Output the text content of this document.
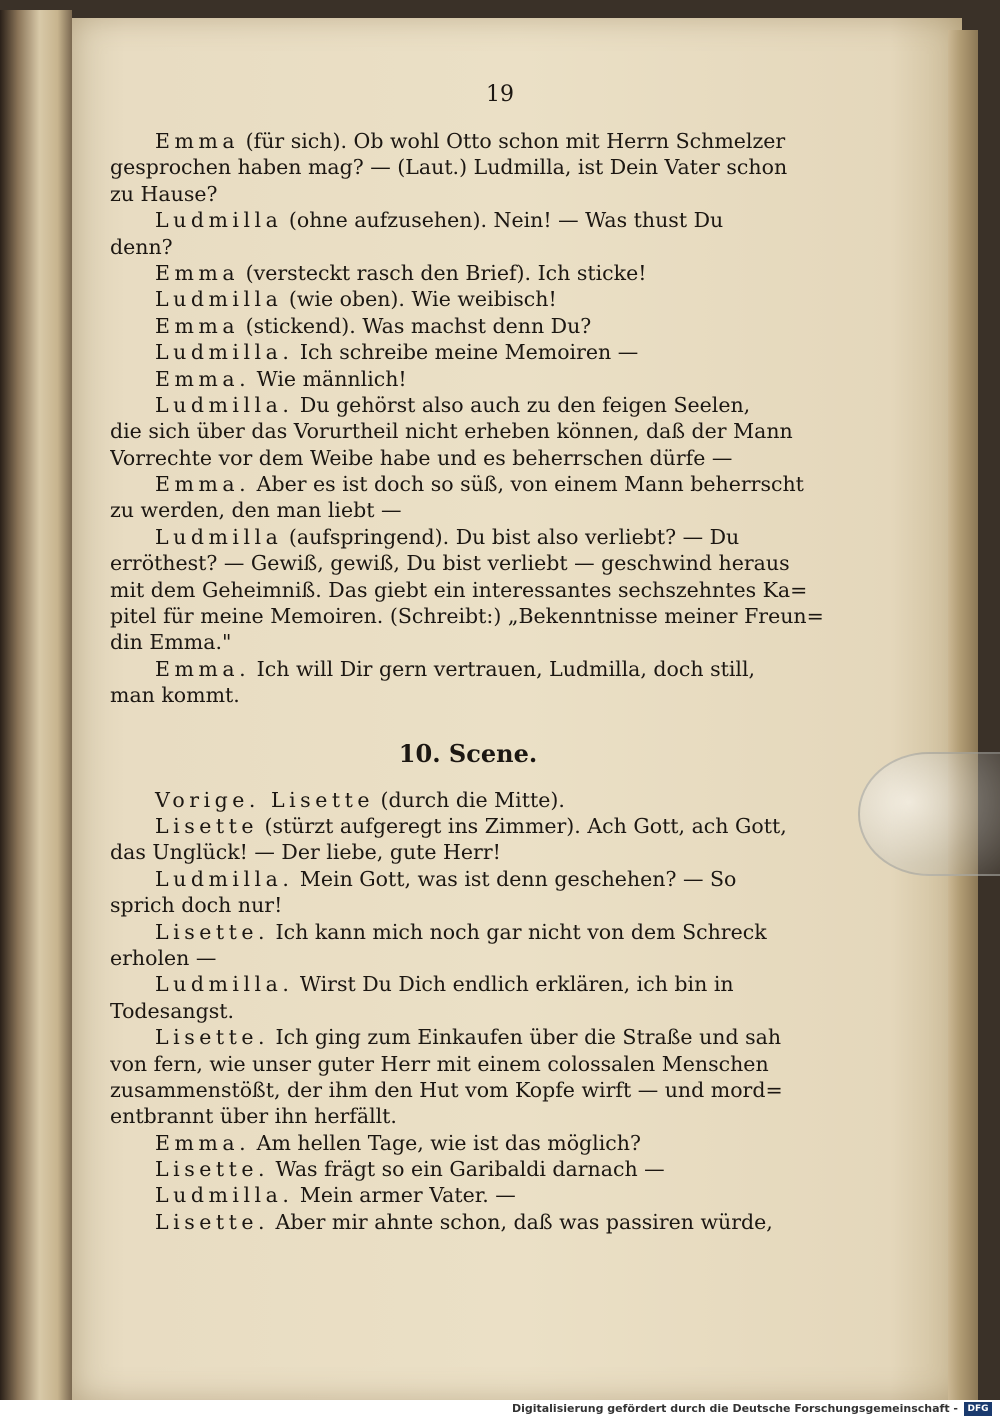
19
Emma (für sich). Ob wohl Otto schon mit Herrn Schmelzer
gesprochen haben mag? — (Laut.) Ludmilla, ist Dein Vater schon
zu Hause?
Ludmilla (ohne aufzusehen). Nein! — Was thust Du
denn?
Emma (versteckt rasch den Brief). Ich sticke!
Ludmilla (wie oben). Wie weibisch!
Emma (stickend). Was machst denn Du?
Ludmilla. Ich schreibe meine Memoiren —
Emma. Wie männlich!
Ludmilla. Du gehörst also auch zu den feigen Seelen,
die sich über das Vorurtheil nicht erheben können, daß der Mann
Vorrechte vor dem Weibe habe und es beherrschen dürfe —
Emma. Aber es ist doch so süß, von einem Mann beherrscht
zu werden, den man liebt —
Ludmilla (aufspringend). Du bist also verliebt? — Du
erröthest? — Gewiß, gewiß, Du bist verliebt — geschwind heraus
mit dem Geheimniß. Das giebt ein interessantes sechszehntes Ka=
pitel für meine Memoiren. (Schreibt:) „Bekenntnisse meiner Freun=
din Emma."
Emma. Ich will Dir gern vertrauen, Ludmilla, doch still,
man kommt.
10. Scene.
Vorige. Lisette (durch die Mitte).
Lisette (stürzt aufgeregt ins Zimmer). Ach Gott, ach Gott,
das Unglück! — Der liebe, gute Herr!
Ludmilla. Mein Gott, was ist denn geschehen? — So
sprich doch nur!
Lisette. Ich kann mich noch gar nicht von dem Schreck
erholen —
Ludmilla. Wirst Du Dich endlich erklären, ich bin in
Todesangst.
Lisette. Ich ging zum Einkaufen über die Straße und sah
von fern, wie unser guter Herr mit einem colossalen Menschen
zusammenstößt, der ihm den Hut vom Kopfe wirft — und mord=
entbrannt über ihn herfällt.
Emma. Am hellen Tage, wie ist das möglich?
Lisette. Was frägt so ein Garibaldi darnach —
Ludmilla. Mein armer Vater. —
Lisette. Aber mir ahnte schon, daß was passiren würde,
Digitalisierung gefördert durch die Deutsche Forschungsgemeinschaft -	DFG
